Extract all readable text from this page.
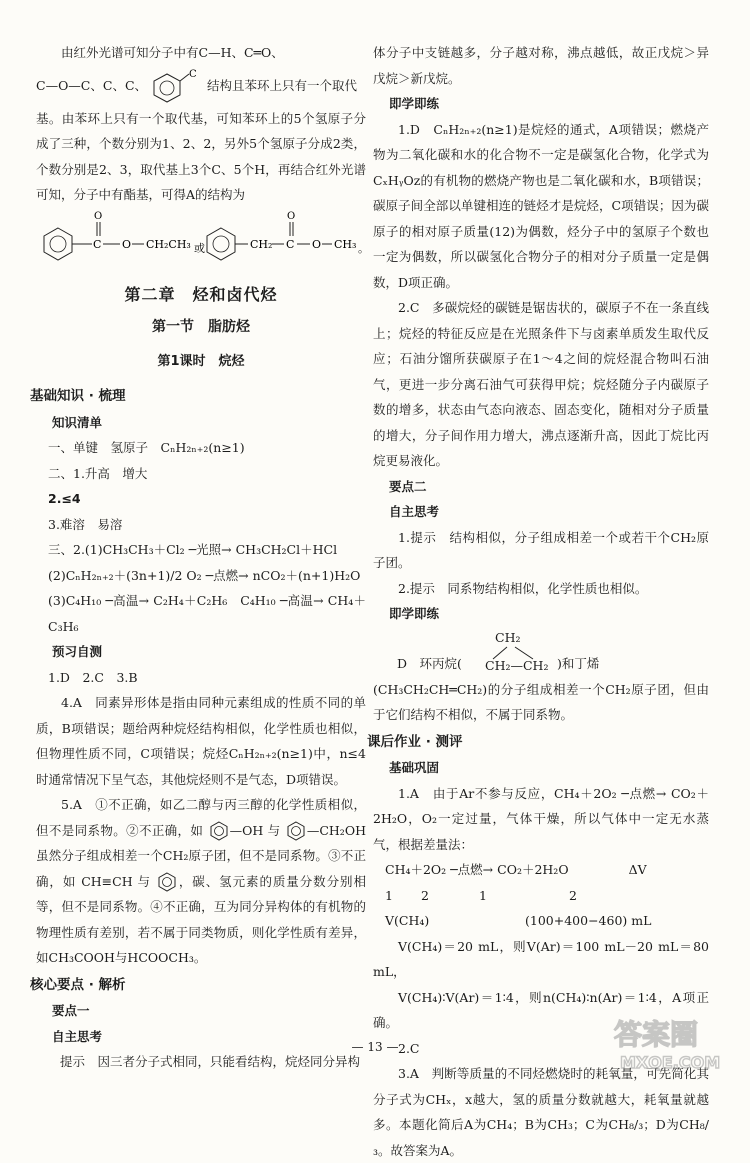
由红外光谱可知分子中有C—H、C═O、

C—O—C、C、C、
C
结构且苯环上只有一个取代

基。由苯环上只有一个取代基，可知苯环上的5个氢原子分成了三种，个数分别为1、2、2，另外5个氢原子分成2类，个数分别是2、3，取代基上3个C、5个H，再结合红外光谱可知，分子中有酯基，可得A的结构为

C
O
O CH₂CH₃ 或	CH₂ C
O
O CH₃ 。
第二章　烃和卤代烃
第一节　脂肪烃
第1课时　烷烃
基础知识 · 梳理
知识清单

一、单键　氢原子　CₙH₂ₙ₊₂(n≥1)

二、1.升高　增大

2.≤4

3.难溶　易溶

三、2.(1)CH₃CH₃＋Cl₂ ─光照→ CH₃CH₂Cl＋HCl

(2)CₙH₂ₙ₊₂＋(3n+1)/2 O₂ ─点燃→ nCO₂＋(n+1)H₂O

(3)C₄H₁₀ ─高温→ C₂H₄＋C₂H₆　C₄H₁₀ ─高温→ CH₄＋C₃H₆

预习自测

1.D　2.C　3.B

4.A　同素异形体是指由同种元素组成的性质不同的单质，B项错误；题给两种烷烃结构相似，化学性质也相似，但物理性质不同，C项错误；烷烃CₙH₂ₙ₊₂(n≥1)中，n≤4时通常情况下呈气态，其他烷烃则不是气态，D项错误。

5.A　①不正确，如乙二醇与丙三醇的化学性质相似，但不是同系物。②不正确，如 —OH 与 —CH₂OH 虽然分子组成相差一个CH₂原子团，但不是同系物。③不正确，如 CH≡CH 与 ，碳、氢元素的质量分数分别相等，但不是同系物。④不正确，互为同分异构体的有机物的物理性质有差别，若不属于同类物质，则化学性质有差异，如CH₃COOH与HCOOCH₃。

核心要点 · 解析
要点一
自主思考

提示　因三者分子式相同，只能看结构，烷烃同分异构

体分子中支链越多，分子越对称，沸点越低，故正戊烷＞异戊烷＞新戊烷。

即学即练

1.D　CₙH₂ₙ₊₂(n≥1)是烷烃的通式，A项错误；燃烧产物为二氧化碳和水的化合物不一定是碳氢化合物，化学式为CₓHᵧOz的有机物的燃烧产物也是二氧化碳和水，B项错误；碳原子间全部以单键相连的链烃才是烷烃，C项错误；因为碳原子的相对原子质量(12)为偶数，烃分子中的氢原子个数也一定为偶数，所以碳氢化合物分子的相对分子质量一定是偶数，D项正确。

2.C　多碳烷烃的碳链是锯齿状的，碳原子不在一条直线上；烷烃的特征反应是在光照条件下与卤素单质发生取代反应；石油分馏所获碳原子在1～4之间的烷烃混合物叫石油气，更进一步分离石油气可获得甲烷；烷烃随分子内碳原子数的增多，状态由气态向液态、固态变化，随相对分子质量的增大，分子间作用力增大，沸点逐渐升高，因此丁烷比丙烷更易液化。

要点二
自主思考

1.提示　结构相似，分子组成相差一个或若干个CH₂原子团。

2.提示　同系物结构相似，化学性质也相似。

即学即练
CH₂
D　环丙烷( CH₂—CH₂ )和丁烯

(CH₃CH₂CH═CH₂)的分子组成相差一个CH₂原子团，但由于它们结构不相似，不属于同系物。

课后作业 · 测评
基础巩固

1.A　由于Ar不参与反应，CH₄＋2O₂ ─点燃→ CO₂＋2H₂O，O₂一定过量，气体干燥，所以气体中一定无水蒸气，根据差量法：

CH₄＋2O₂ ─点燃→ CO₂＋2H₂O	ΔV
1	2	1	2
V(CH₄)	(100+400−460) mL

V(CH₄)＝20 mL，则V(Ar)＝100 mL－20 mL＝80 mL，

V(CH₄)∶V(Ar)＝1∶4，则n(CH₄)∶n(Ar)＝1∶4，A项正确。

2.C

3.A　判断等质量的不同烃燃烧时的耗氧量，可先简化其分子式为CHₓ，x越大，氢的质量分数就越大，耗氧量就越多。本题化简后A为CH₄；B为CH₃；C为CH₈/₃；D为CH₈/₃。故答案为A。

— 13 —	答案圈
MXQE.COM
